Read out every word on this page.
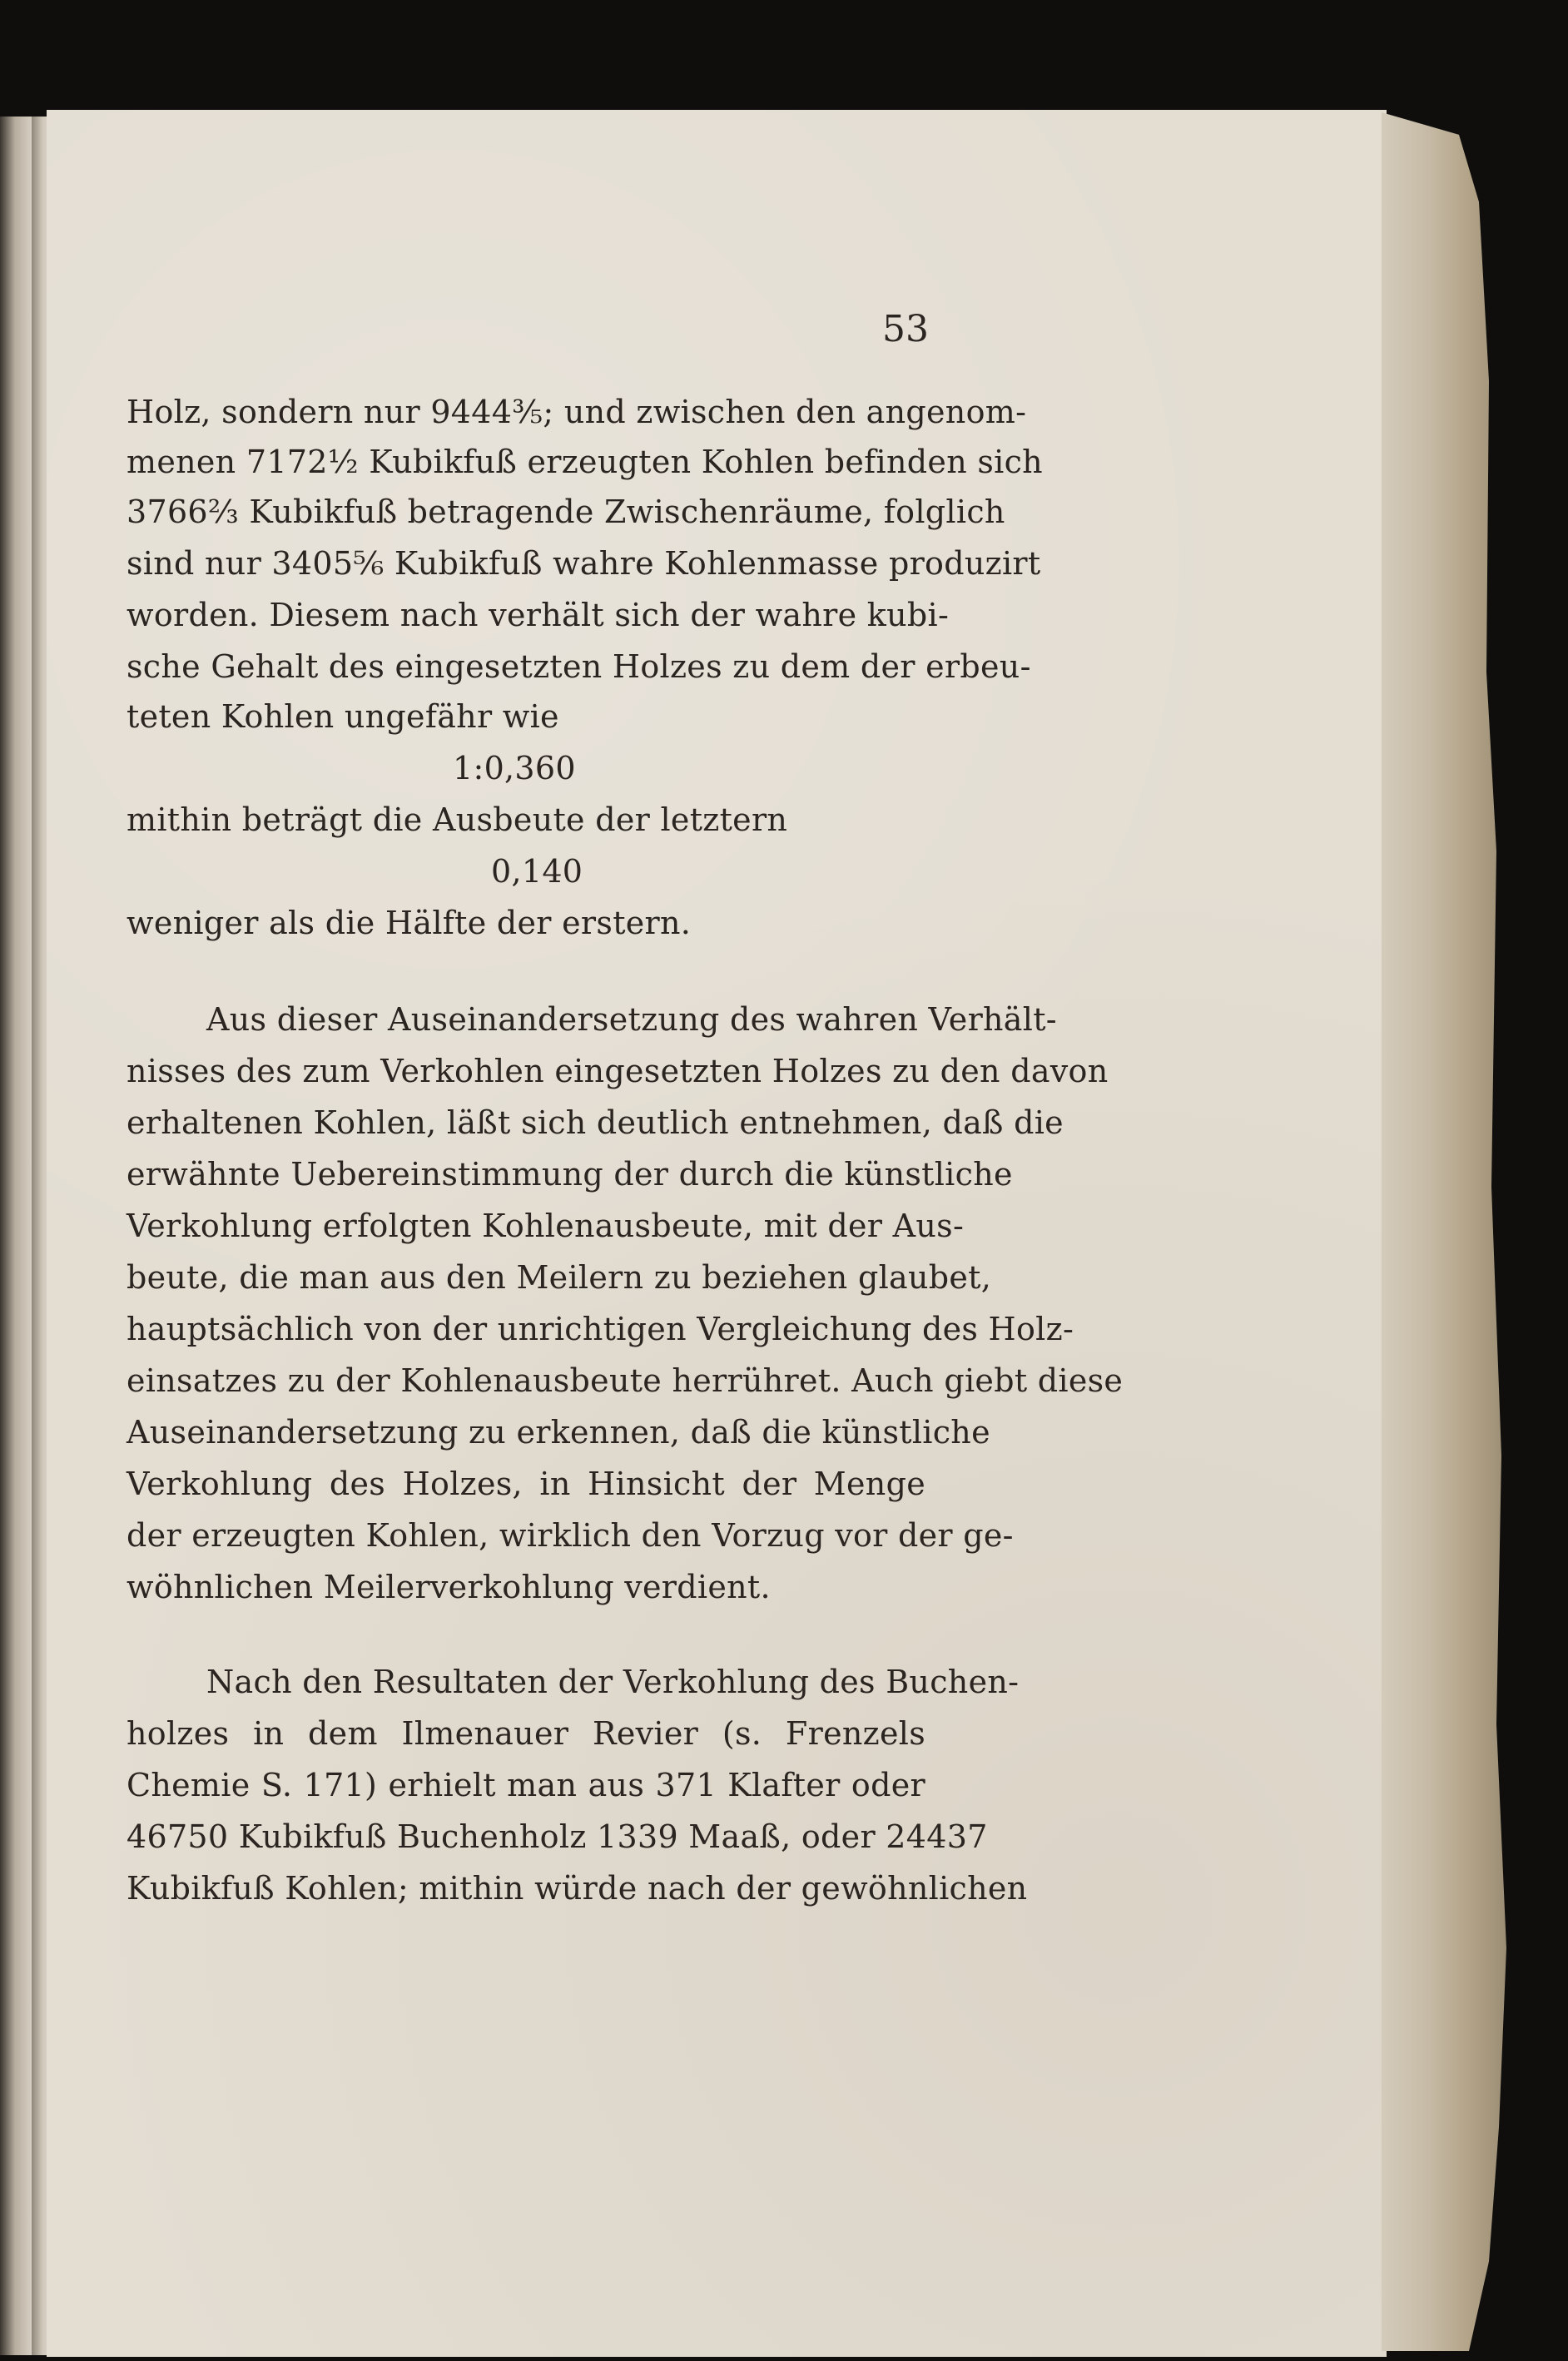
53
Holz, sondern nur 9444⅗; und zwischen den angenom-
menen 7172½ Kubikfuß erzeugten Kohlen befinden sich
3766⅔ Kubikfuß betragende Zwischenräume, folglich
sind nur 3405⅚ Kubikfuß wahre Kohlenmasse produzirt
worden. Diesem nach verhält sich der wahre kubi-
sche Gehalt des eingesetzten Holzes zu dem der erbeu-
teten Kohlen ungefähr wie
1:0,360
mithin beträgt die Ausbeute der letztern
0,140
weniger als die Hälfte der erstern.
Aus dieser Auseinandersetzung des wahren Verhält-
nisses des zum Verkohlen eingesetzten Holzes zu den davon
erhaltenen Kohlen, läßt sich deutlich entnehmen, daß die
erwähnte Uebereinstimmung der durch die künstliche
Verkohlung erfolgten Kohlenausbeute, mit der Aus-
beute, die man aus den Meilern zu beziehen glaubet,
hauptsächlich von der unrichtigen Vergleichung des Holz-
einsatzes zu der Kohlenausbeute herrühret. Auch giebt diese
Auseinandersetzung zu erkennen, daß die künstliche
Verkohlung des Holzes, in Hinsicht der Menge
der erzeugten Kohlen, wirklich den Vorzug vor der ge-
wöhnlichen Meilerverkohlung verdient.
Nach den Resultaten der Verkohlung des Buchen-
holzes in dem Ilmenauer Revier (s. Frenzels
Chemie S. 171) erhielt man aus 371 Klafter oder
46750 Kubikfuß Buchenholz 1339 Maaß, oder 24437
Kubikfuß Kohlen; mithin würde nach der gewöhnlichen
